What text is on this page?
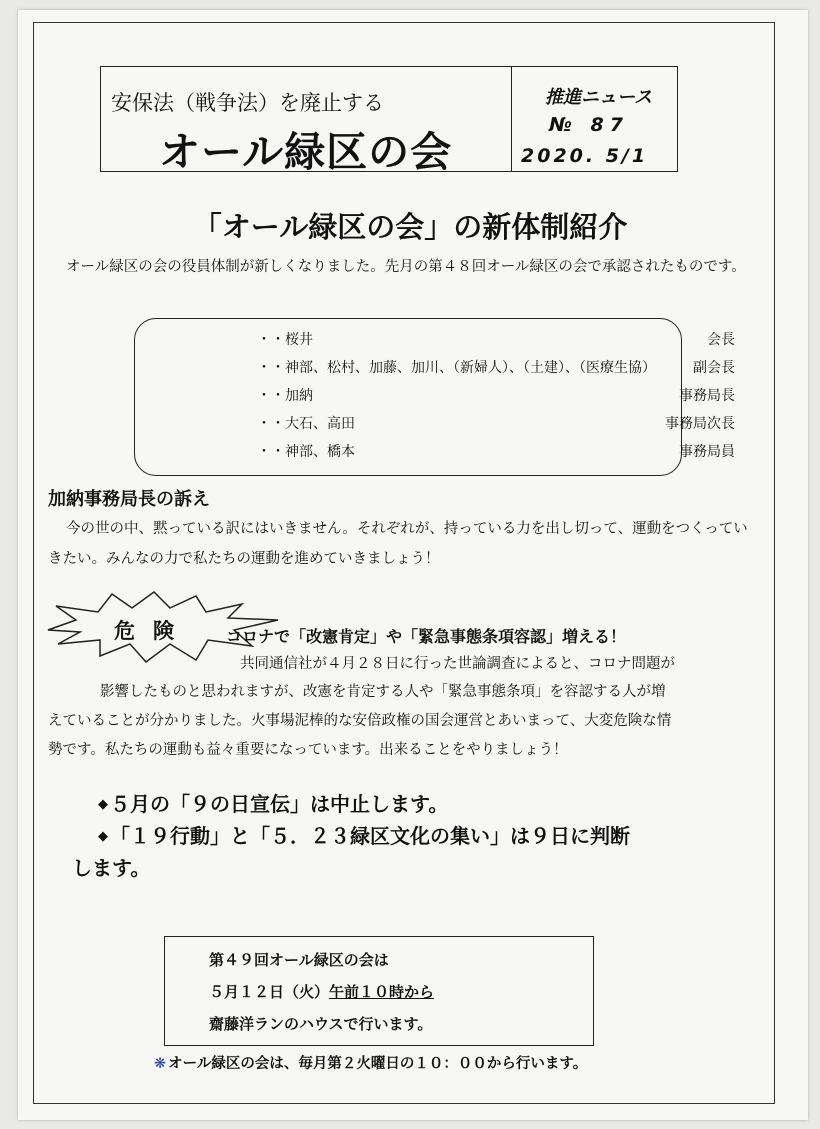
安保法（戦争法）を廃止する
オール緑区の会
推進ニュース
№ 87
2020. 5/1
「オール緑区の会」の新体制紹介
オール緑区の会の役員体制が新しくなりました。先月の第４８回オール緑区の会で承認されたものです。
会長
・・ 桜井
副会長
・・ 神部、松村、加藤、加川、（新婦人）、（土建）、（医療生協）
事務局長
・・ 加納
事務局次長
・・ 大石、高田
事務局員
・・ 神部、橋本
加納事務局長の訴え
今の世の中、黙っている訳にはいきません。それぞれが、持っている力を出し切って、運動をつくっていきたい。みんなの力で私たちの運動を進めていきましょう！
危険 コロナで「改憲肯定」や「緊急事態条項容認」増える！
共同通信社が４月２８日に行った世論調査によると、コロナ問題が
影響したものと思われますが、改憲を肯定する人や「緊急事態条項」を容認する人が増
えていることが分かりました。火事場泥棒的な安倍政権の国会運営とあいまって、大変危険な情
勢です。私たちの運動も益々重要になっています。出来ることをやりましょう！
◆ ５月の「９の日宣伝」は中止します。
◆ 「１９行動」と「５．２３緑区文化の集い」は９日に判断
します。
第４９回オール緑区の会は
５月１２日（火）午前１０時から
齋藤洋ランのハウスで行います。
❋ オール緑区の会は、毎月第２火曜日の１０：００から行います。
